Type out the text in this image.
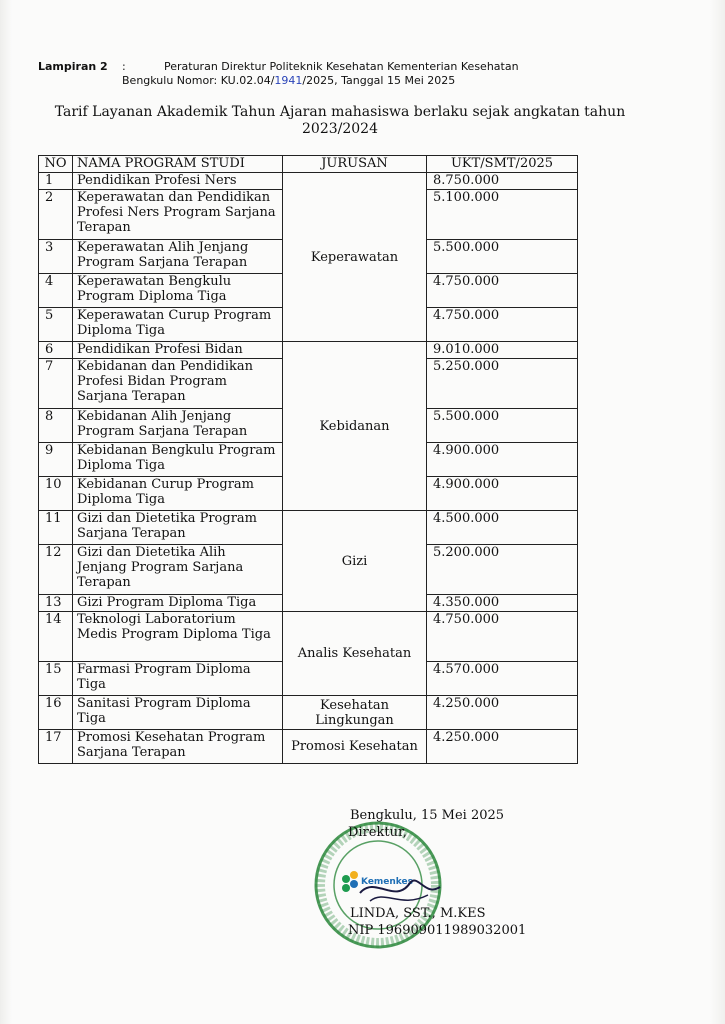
Lampiran 2	:	Peraturan Direktur Politeknik Kesehatan Kementerian Kesehatan
Bengkulu Nomor: KU.02.04/1941/2025, Tanggal 15 Mei 2025
Tarif Layanan Akademik Tahun Ajaran mahasiswa berlaku sejak angkatan tahun
2023/2024
NO	NAMA PROGRAM STUDI	JURUSAN	UKT/SMT/2025
1	Pendidikan Profesi Ners	Keperawatan	8.750.000
2	Keperawatan dan Pendidikan Profesi Ners Program Sarjana Terapan		5.100.000
3	Keperawatan Alih Jenjang Program Sarjana Terapan		5.500.000
4	Keperawatan Bengkulu Program Diploma Tiga		4.750.000
5	Keperawatan Curup Program Diploma Tiga		4.750.000
6	Pendidikan Profesi Bidan	Kebidanan	9.010.000
7	Kebidanan dan Pendidikan Profesi Bidan Program Sarjana Terapan		5.250.000
8	Kebidanan Alih Jenjang Program Sarjana Terapan		5.500.000
9	Kebidanan Bengkulu Program Diploma Tiga		4.900.000
10	Kebidanan Curup Program Diploma Tiga		4.900.000
11	Gizi dan Dietetika Program Sarjana Terapan	Gizi	4.500.000
12	Gizi dan Dietetika Alih Jenjang Program Sarjana Terapan		5.200.000
13	Gizi Program Diploma Tiga		4.350.000
14	Teknologi Laboratorium Medis Program Diploma Tiga	Analis Kesehatan	4.750.000
15	Farmasi Program Diploma Tiga		4.570.000
16	Sanitasi Program Diploma Tiga	Kesehatan Lingkungan	4.250.000
17	Promosi Kesehatan Program Sarjana Terapan	Promosi Kesehatan	4.250.000
Kemenkes
Bengkulu, 15 Mei 2025
Direktur,
LINDA, SST., M.KES
NIP 196909011989032001
